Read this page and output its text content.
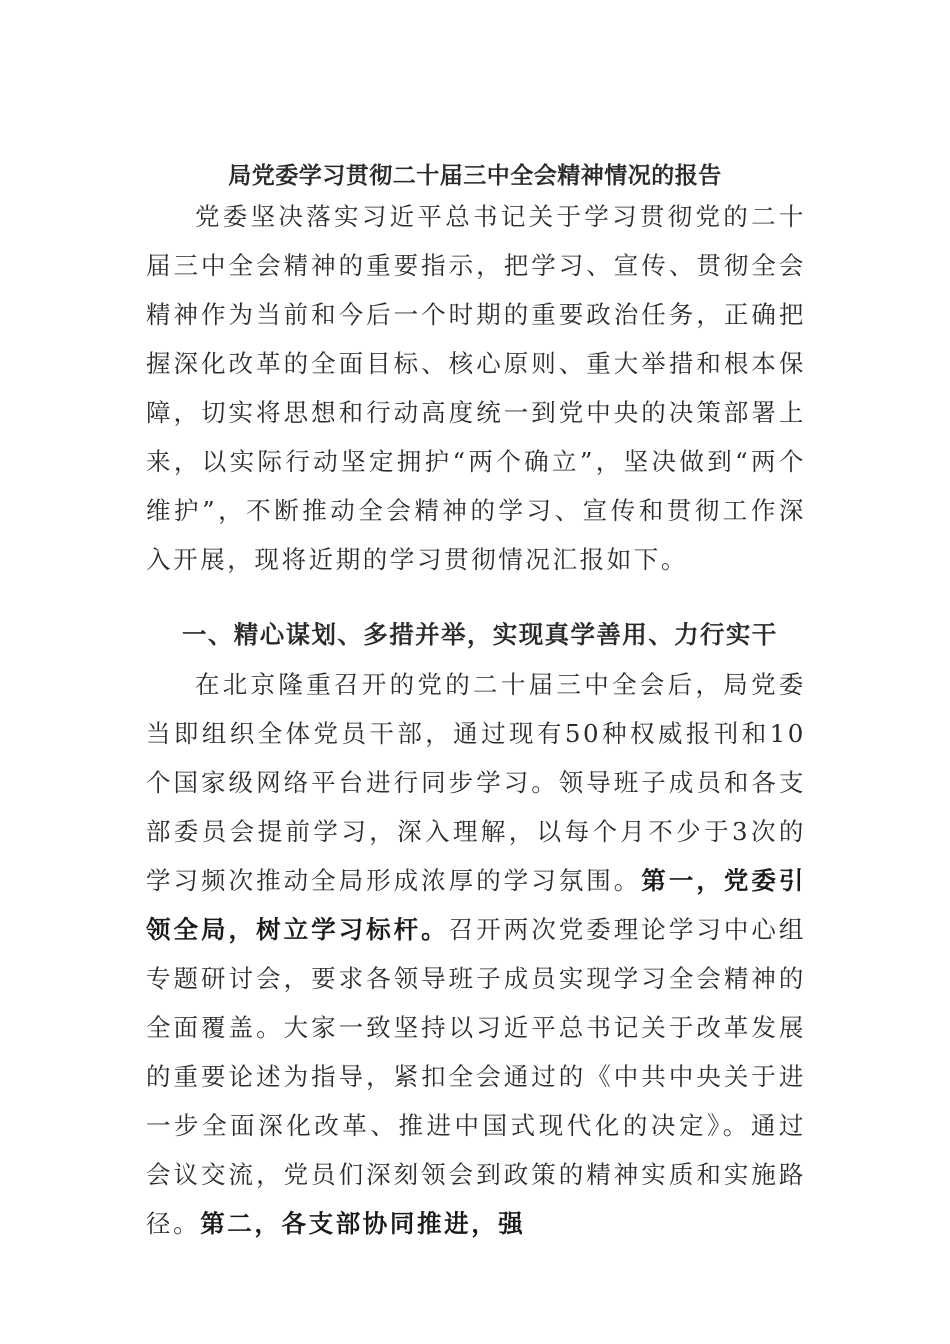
局党委学习贯彻二十届三中全会精神情况的报告

党委坚决落实习近平总书记关于学习贯彻党的二十届三中全会精神的重要指示，把学习、宣传、贯彻全会精神作为当前和今后一个时期的重要政治任务，正确把握深化改革的全面目标、核心原则、重大举措和根本保障，切实将思想和行动高度统一到党中央的决策部署上来，以实际行动坚定拥护“两个确立”，坚决做到“两个维护”，不断推动全会精神的学习、宣传和贯彻工作深入开展，现将近期的学习贯彻情况汇报如下。

一、精心谋划、多措并举，实现真学善用、力行实干

在北京隆重召开的党的二十届三中全会后，局党委当即组织全体党员干部，通过现有50种权威报刊和10个国家级网络平台进行同步学习。领导班子成员和各支部委员会提前学习，深入理解，以每个月不少于3次的学习频次推动全局形成浓厚的学习氛围。第一，党委引领全局，树立学习标杆。召开两次党委理论学习中心组专题研讨会，要求各领导班子成员实现学习全会精神的全面覆盖。大家一致坚持以习近平总书记关于改革发展的重要论述为指导，紧扣全会通过的《中共中央关于进一步全面深化改革、推进中国式现代化的决定》。通过会议交流，党员们深刻领会到政策的精神实质和实施路径。第二，各支部协同推进，强
